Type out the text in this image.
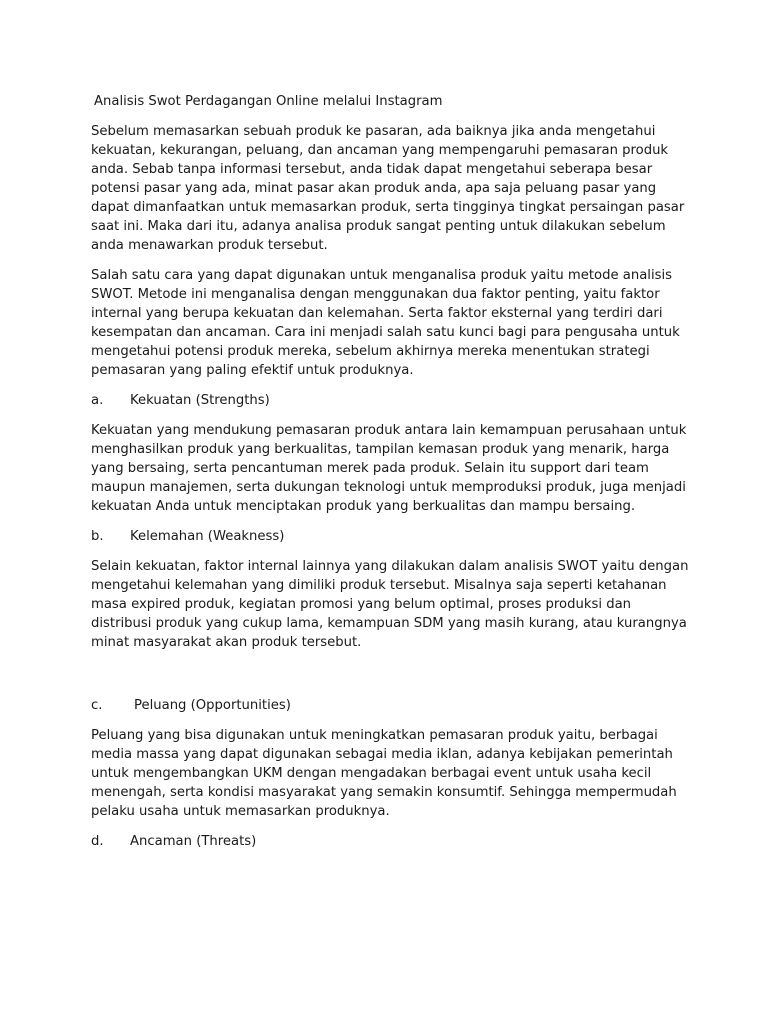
Analisis Swot Perdagangan Online melalui Instagram

Sebelum memasarkan sebuah produk ke pasaran, ada baiknya jika anda mengetahui kekuatan, kekurangan, peluang, dan ancaman yang mempengaruhi pemasaran produk anda. Sebab tanpa informasi tersebut, anda tidak dapat mengetahui seberapa besar potensi pasar yang ada, minat pasar akan produk anda, apa saja peluang pasar yang dapat dimanfaatkan untuk memasarkan produk, serta tingginya tingkat persaingan pasar saat ini. Maka dari itu, adanya analisa produk sangat penting untuk dilakukan sebelum anda menawarkan produk tersebut.

Salah satu cara yang dapat digunakan untuk menganalisa produk yaitu metode analisis SWOT. Metode ini menganalisa dengan menggunakan dua faktor penting, yaitu faktor internal yang berupa kekuatan dan kelemahan. Serta faktor eksternal yang terdiri dari kesempatan dan ancaman. Cara ini menjadi salah satu kunci bagi para pengusaha untuk mengetahui potensi produk mereka, sebelum akhirnya mereka menentukan strategi pemasaran yang paling efektif untuk produknya.

a.	Kekuatan (Strengths)

Kekuatan yang mendukung pemasaran produk antara lain kemampuan perusahaan untuk menghasilkan produk yang berkualitas, tampilan kemasan produk yang menarik, harga yang bersaing, serta pencantuman merek pada produk. Selain itu support dari team maupun manajemen, serta dukungan teknologi untuk memproduksi produk, juga menjadi kekuatan Anda untuk menciptakan produk yang berkualitas dan mampu bersaing.

b.	Kelemahan (Weakness)

Selain kekuatan, faktor internal lainnya yang dilakukan dalam analisis SWOT yaitu dengan mengetahui kelemahan yang dimiliki produk tersebut. Misalnya saja seperti ketahanan masa expired produk, kegiatan promosi yang belum optimal, proses produksi dan distribusi produk yang cukup lama, kemampuan SDM yang masih kurang, atau kurangnya minat masyarakat akan produk tersebut.

c.	Peluang (Opportunities)

Peluang yang bisa digunakan untuk meningkatkan pemasaran produk yaitu, berbagai media massa yang dapat digunakan sebagai media iklan, adanya kebijakan pemerintah untuk mengembangkan UKM dengan mengadakan berbagai event untuk usaha kecil menengah, serta kondisi masyarakat yang semakin konsumtif. Sehingga mempermudah pelaku usaha untuk memasarkan produknya.

d.	Ancaman (Threats)
